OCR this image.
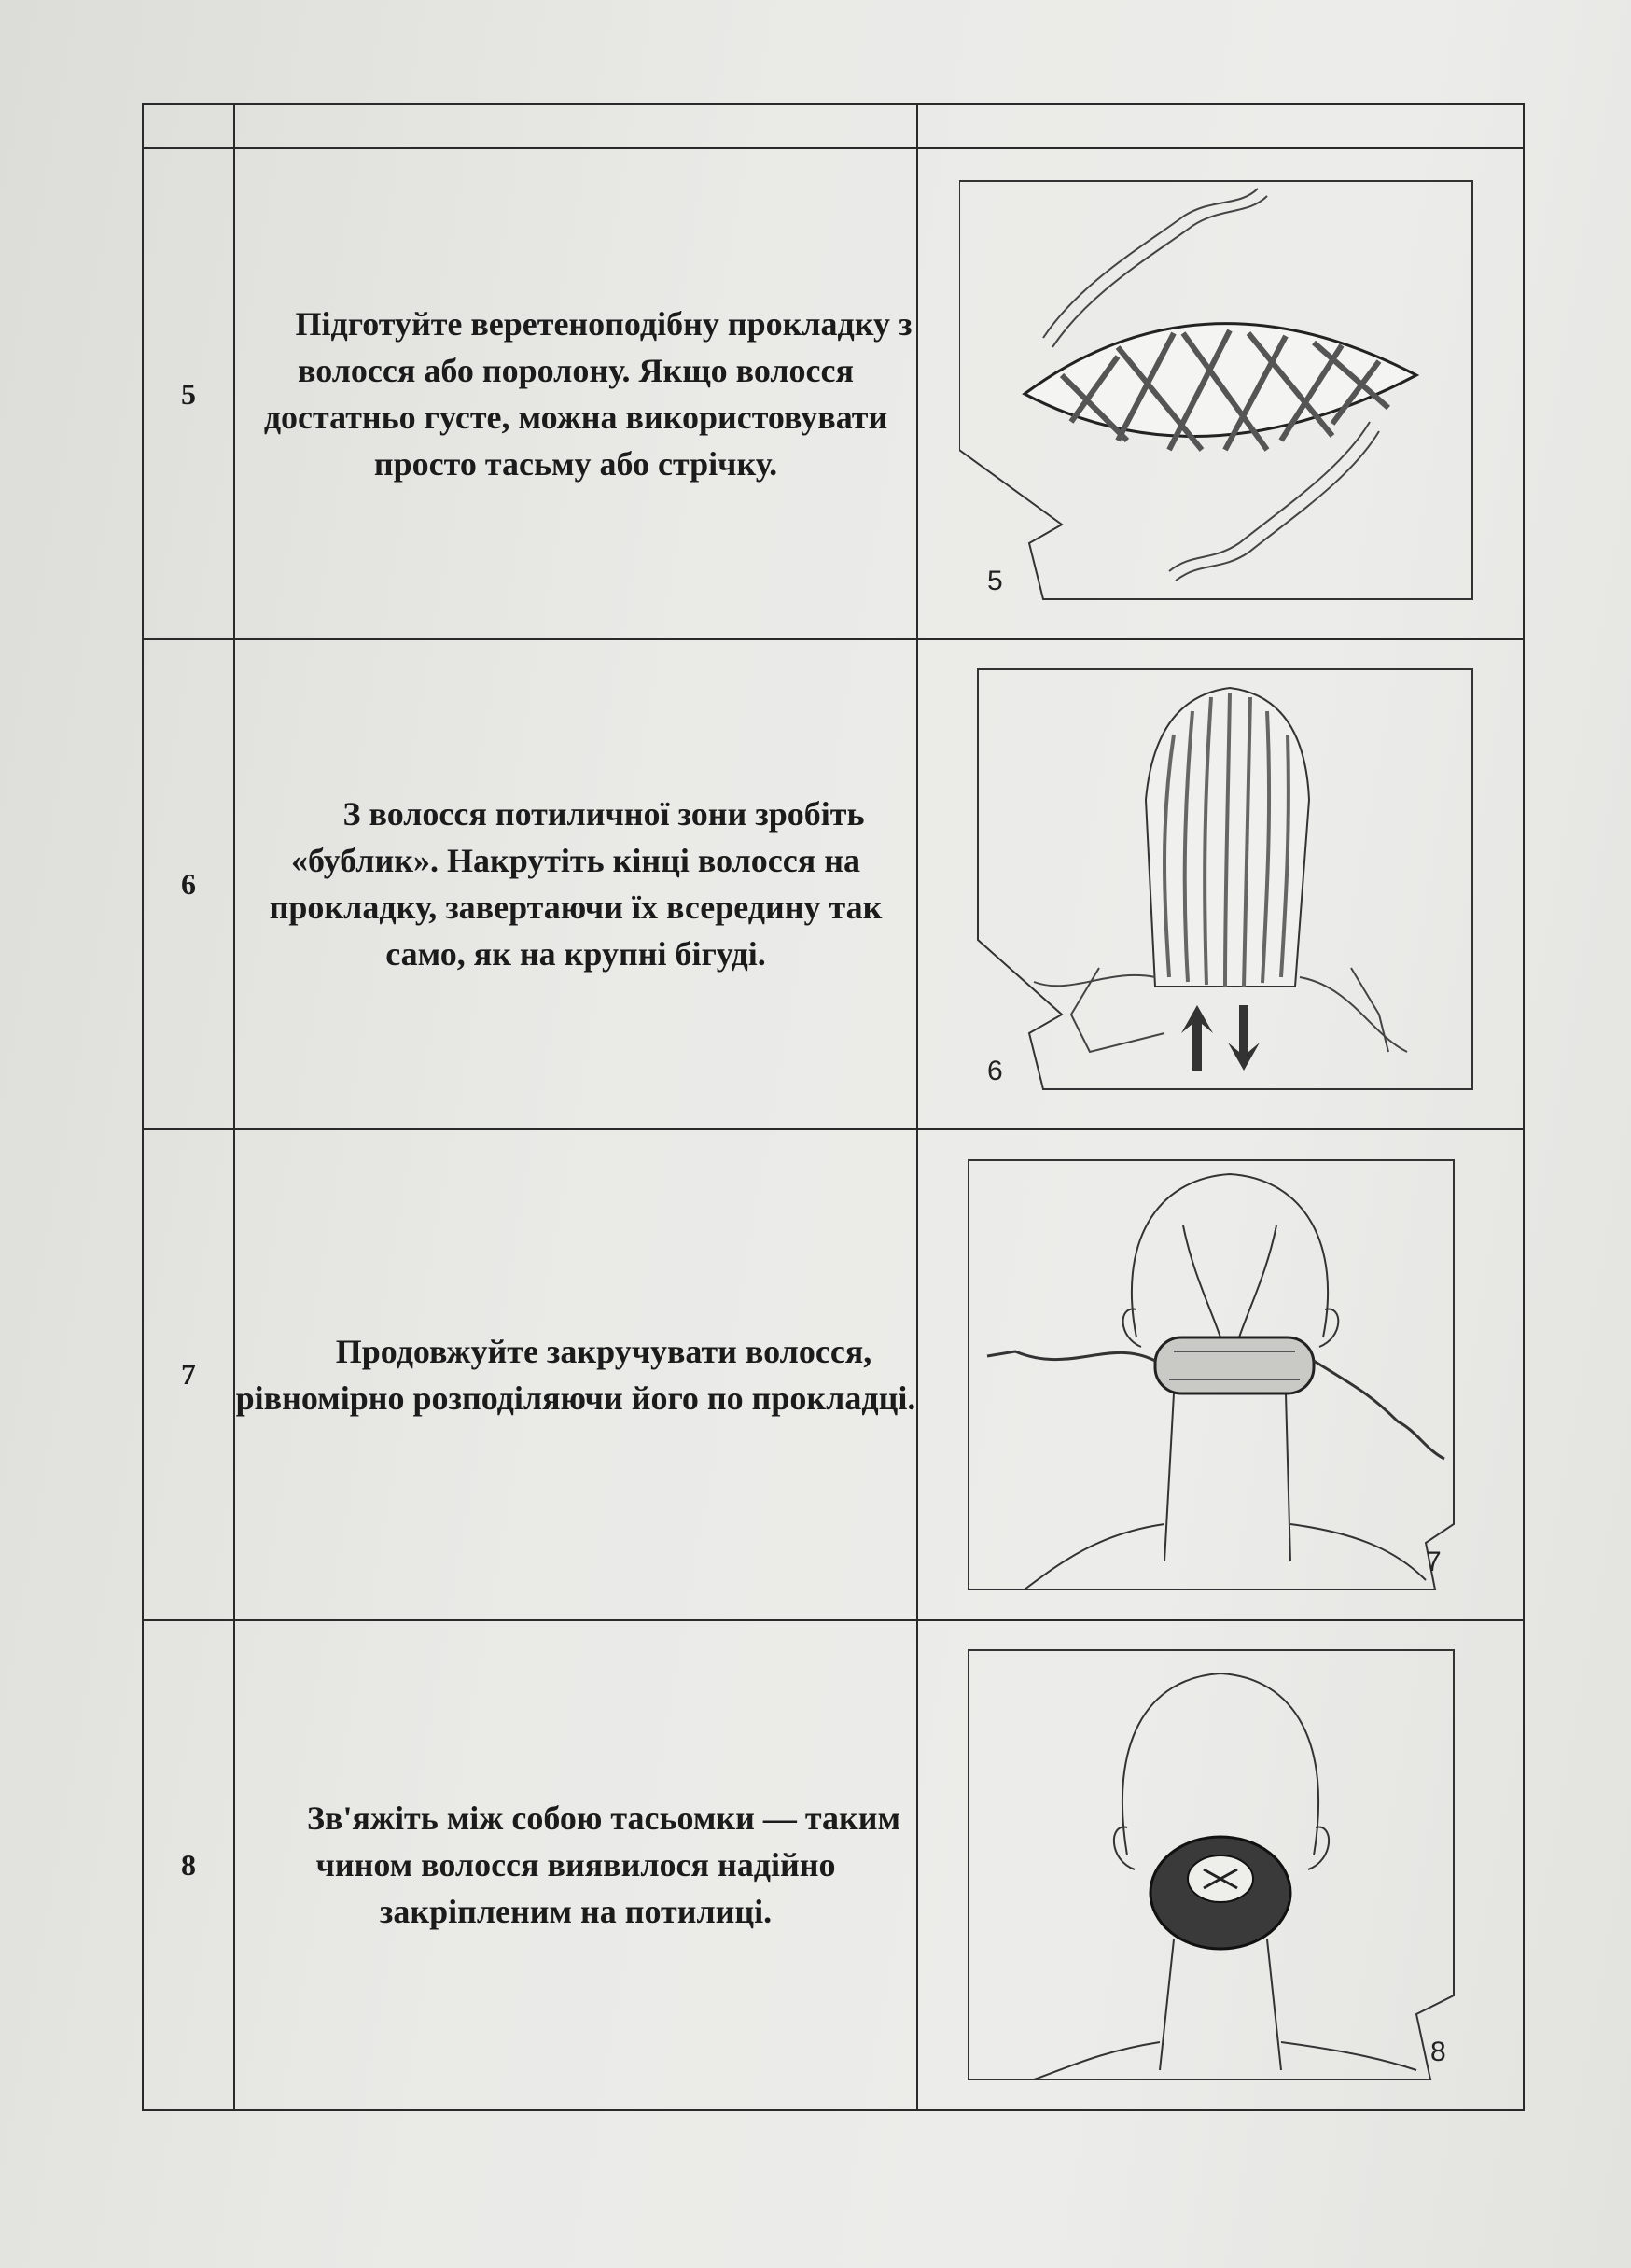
5	Підготуйте веретеноподібну прокладку з волосся або поролону. Якщо волосся достатньо густе, можна використовувати просто тасьму або стрічку.	5

6	З волосся потиличної зони зробіть «бублик». Накрутіть кінці волосся на прокладку, завертаючи їх всередину так само, як на крупні бігуді.	6

7	Продовжуйте закручувати волосся, рівномірно розподіляючи його по прокладці.	7

8	Зв'яжіть між собою тасьомки — таким чином волосся виявилося надійно закріпленим на потилиці.	8
